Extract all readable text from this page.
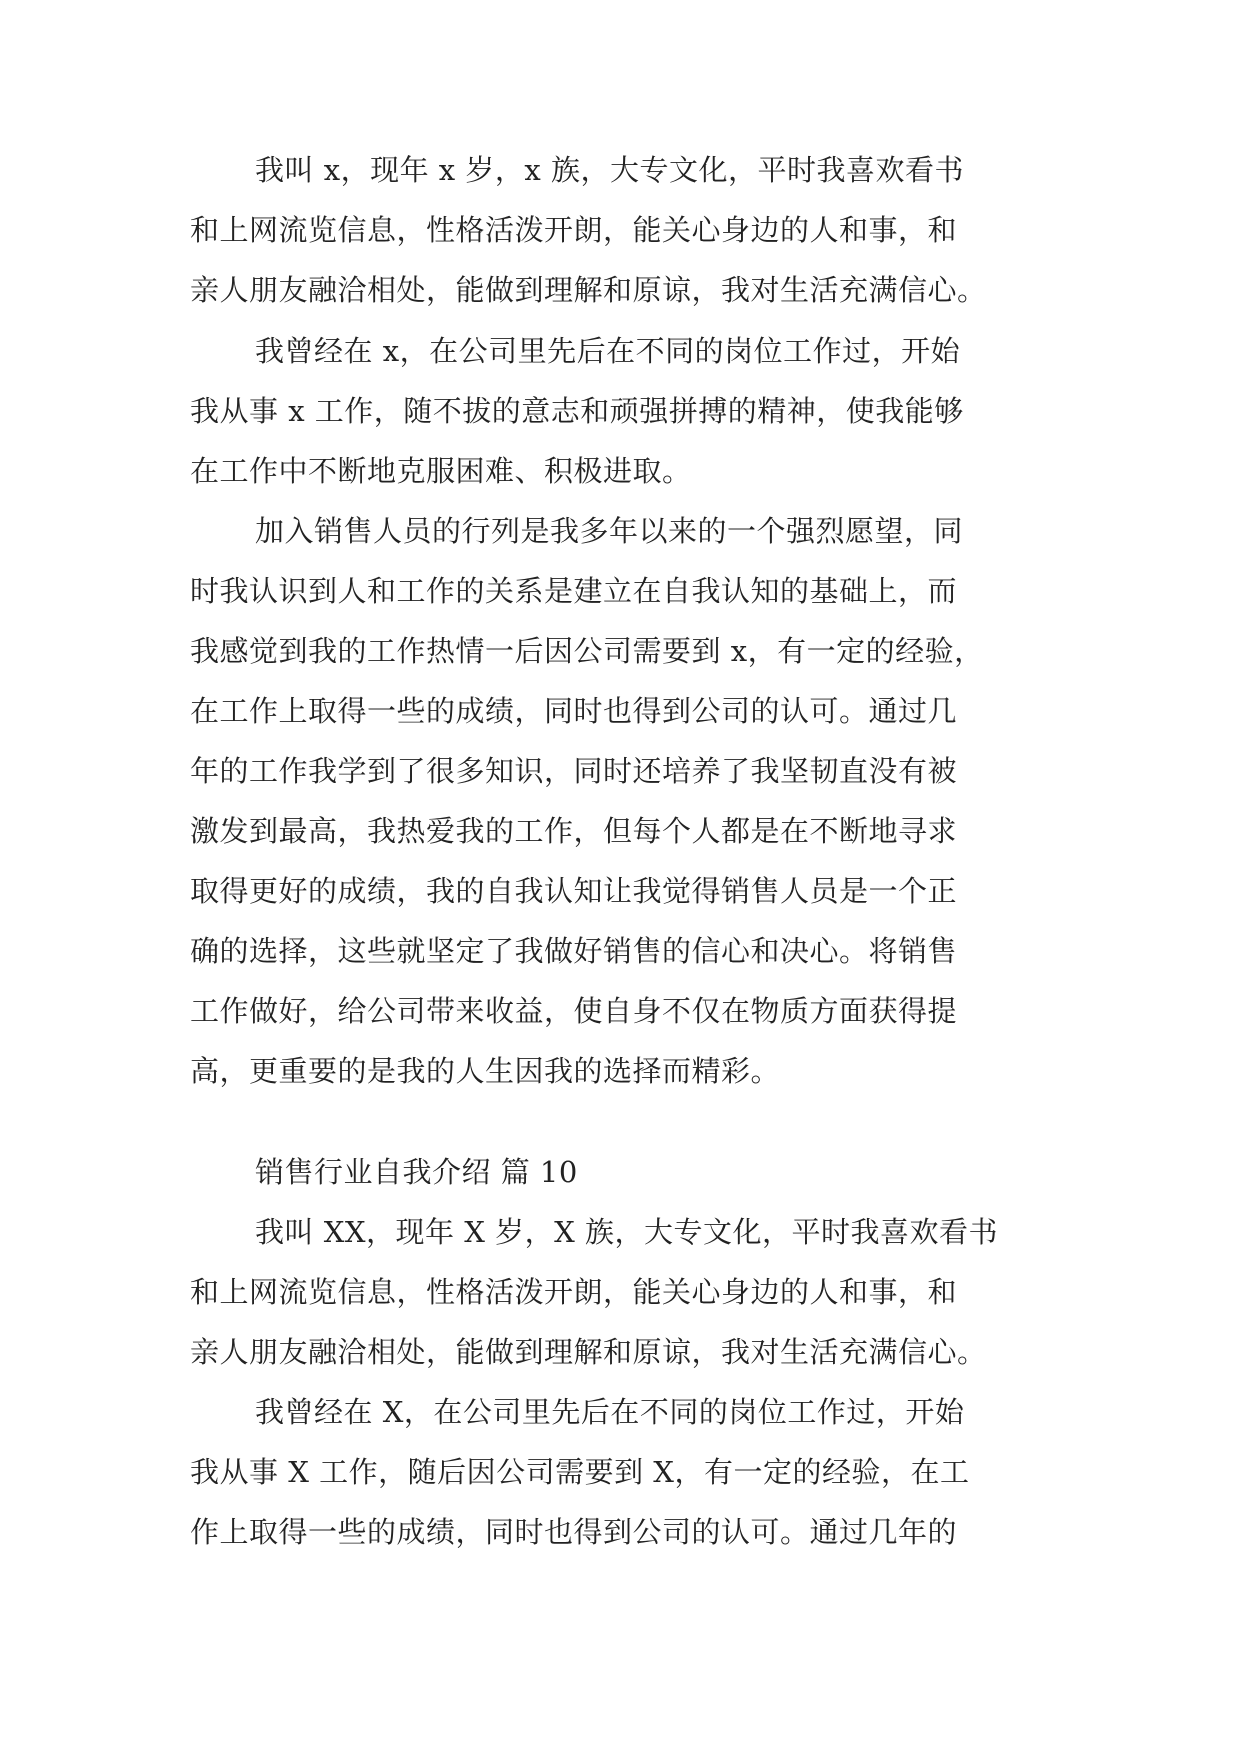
我叫 x，现年 x 岁，x 族，大专文化，平时我喜欢看书

和上网流览信息，性格活泼开朗，能关心身边的人和事，和

亲人朋友融洽相处，能做到理解和原谅，我对生活充满信心。

我曾经在 x，在公司里先后在不同的岗位工作过，开始

我从事 x 工作，随不拔的意志和顽强拼搏的精神，使我能够

在工作中不断地克服困难、积极进取。

加入销售人员的行列是我多年以来的一个强烈愿望，同

时我认识到人和工作的关系是建立在自我认知的基础上，而

我感觉到我的工作热情一后因公司需要到 x，有一定的经验，

在工作上取得一些的成绩，同时也得到公司的认可。通过几

年的工作我学到了很多知识，同时还培养了我坚韧直没有被

激发到最高，我热爱我的工作，但每个人都是在不断地寻求

取得更好的成绩，我的自我认知让我觉得销售人员是一个正

确的选择，这些就坚定了我做好销售的信心和决心。将销售

工作做好，给公司带来收益，使自身不仅在物质方面获得提

高，更重要的是我的人生因我的选择而精彩。

销售行业自我介绍 篇 10

我叫 XX，现年 X 岁，X 族，大专文化，平时我喜欢看书

和上网流览信息，性格活泼开朗，能关心身边的人和事，和

亲人朋友融洽相处，能做到理解和原谅，我对生活充满信心。

我曾经在 X，在公司里先后在不同的岗位工作过，开始

我从事 X 工作，随后因公司需要到 X，有一定的经验，在工

作上取得一些的成绩，同时也得到公司的认可。通过几年的
